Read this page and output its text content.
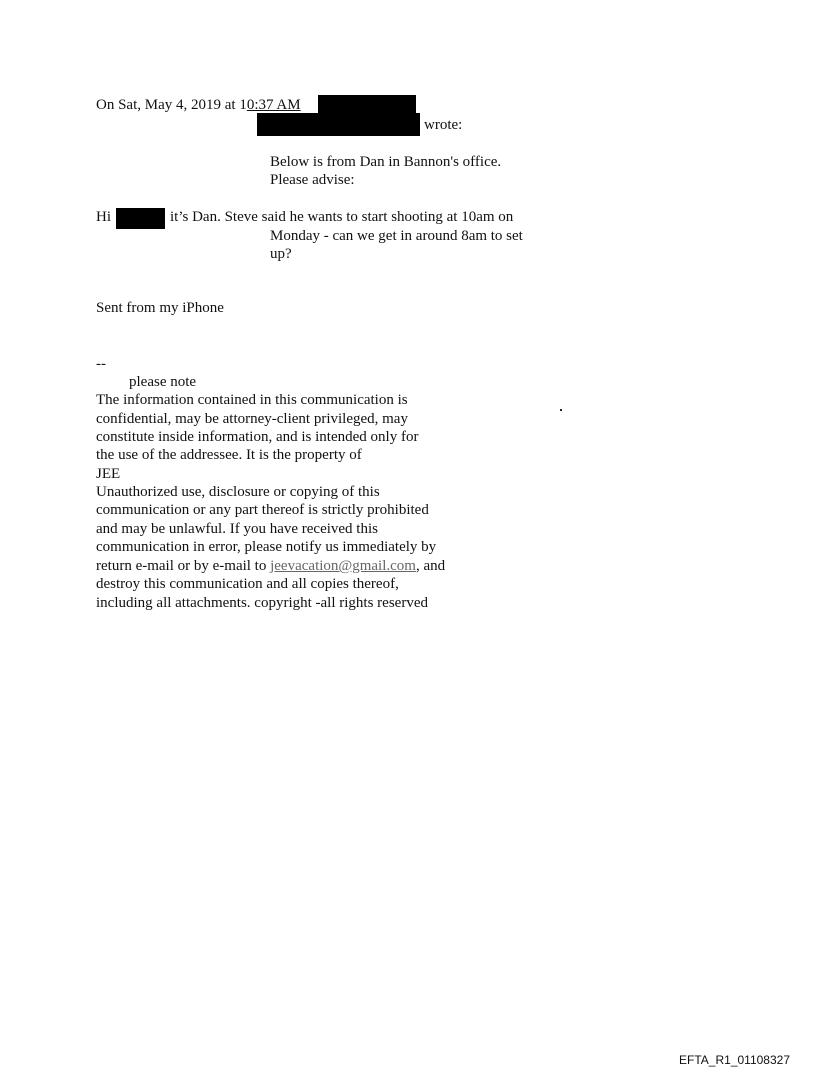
On Sat, May 4, 2019 at 10:37 AM
wrote:
Below is from Dan in Bannon's office.
Please advise:
Hi	it’s Dan. Steve said he wants to start shooting at 10am on
Monday - can we get in around 8am to set
up?
Sent from my iPhone
--
please note
The information contained in this communication is
confidential, may be attorney-client privileged, may
constitute inside information, and is intended only for
the use of the addressee. It is the property of
JEE
Unauthorized use, disclosure or copying of this
communication or any part thereof is strictly prohibited
and may be unlawful. If you have received this
communication in error, please notify us immediately by
return e-mail or by e-mail to jeevacation@gmail.com, and
destroy this communication and all copies thereof,
including all attachments. copyright -all rights reserved
EFTA_R1_01108327
